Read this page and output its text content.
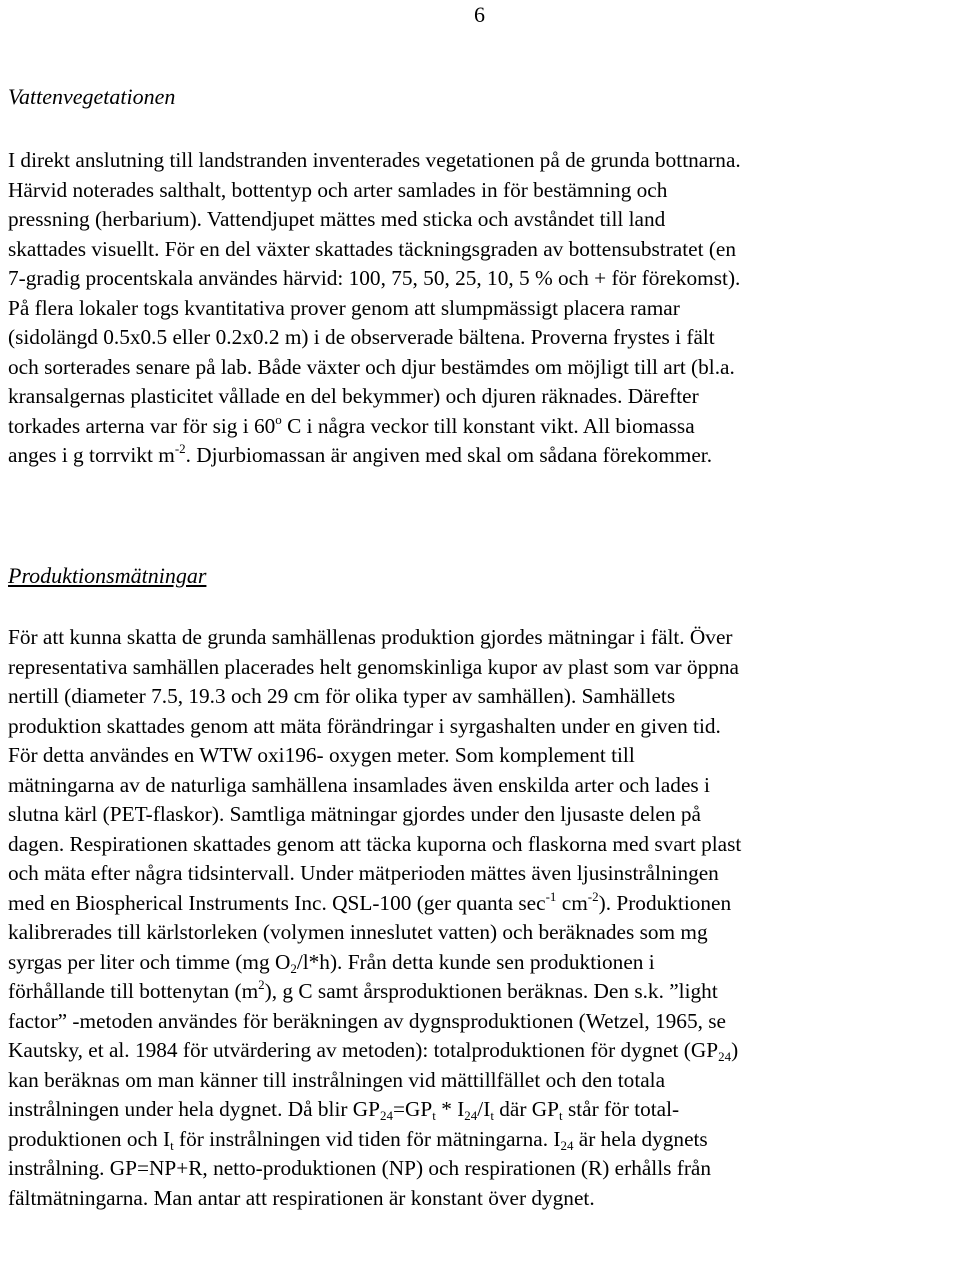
6
Vattenvegetationen

I direkt anslutning till landstranden inventerades vegetationen på de grunda bottnarna.
Härvid noterades salthalt, bottentyp och arter samlades in för bestämning och
pressning (herbarium). Vattendjupet mättes med sticka och avståndet till land
skattades visuellt. För en del växter skattades täckningsgraden av bottensubstratet (en
7-gradig procentskala användes härvid: 100, 75, 50, 25, 10, 5 % och + för förekomst).
På flera lokaler togs kvantitativa prover genom att slumpmässigt placera ramar
(sidolängd 0.5x0.5 eller 0.2x0.2 m) i de observerade bältena. Proverna frystes i fält
och sorterades senare på lab. Både växter och djur bestämdes om möjligt till art (bl.a.
kransalgernas plasticitet vållade en del bekymmer) och djuren räknades. Därefter
torkades arterna var för sig i 60$^o$ C i några veckor till konstant vikt. All biomassa
anges i g torrvikt $m^{-2}$. Djurbiomassan är angiven med skal om sådana förekommer.

Produktionsmätningar

För att kunna skatta de grunda samhällenas produktion gjordes mätningar i fält. Över
representativa samhällen placerades helt genomskinliga kupor av plast som var öppna
nertill (diameter 7.5, 19.3 och 29 cm för olika typer av samhällen). Samhällets
produktion skattades genom att mäta förändringar i syrgashalten under en given tid.
För detta användes en WTW oxi196- oxygen meter. Som komplement till
mätningarna av de naturliga samhällena insamlades även enskilda arter och lades i
slutna kärl (PET-flaskor). Samtliga mätningar gjordes under den ljusaste delen på
dagen. Respirationen skattades genom att täcka kuporna och flaskorna med svart plast
och mäta efter några tidsintervall. Under mätperioden mättes även ljusinstrålningen
med en Biospherical Instruments Inc. QSL-100 (ger quanta $\sec^{-1} cm^{-2}$). Produktionen
kalibrerades till kärlstorleken (volymen inneslutet vatten) och beräknades som mg
syrgas per liter och timme (mg $O_2/l*h$). Från detta kunde sen produktionen i
förhållande till bottenytan $(m^2)$, g C samt årsproduktionen beräknas. Den s.k. ”light
factor” -metoden användes för beräkningen av dygnsproduktionen (Wetzel, 1965, se
Kautsky, et al. 1984 för utvärdering av metoden): totalproduktionen för dygnet $(GP_{24})$
kan beräknas om man känner till instrålningen vid mättillfället och den totala
instrålningen under hela dygnet. Då blir $GP_{24}=GP_t * I_{24}/I_t$ där $GP_t$ står för total-
produktionen och $I_t$ för instrålningen vid tiden för mätningarna. $I_{24}$ är hela dygnets
instrålning. GP=NP+R, netto-produktionen (NP) och respirationen (R) erhålls från
fältmätningarna. Man antar att respirationen är konstant över dygnet.
